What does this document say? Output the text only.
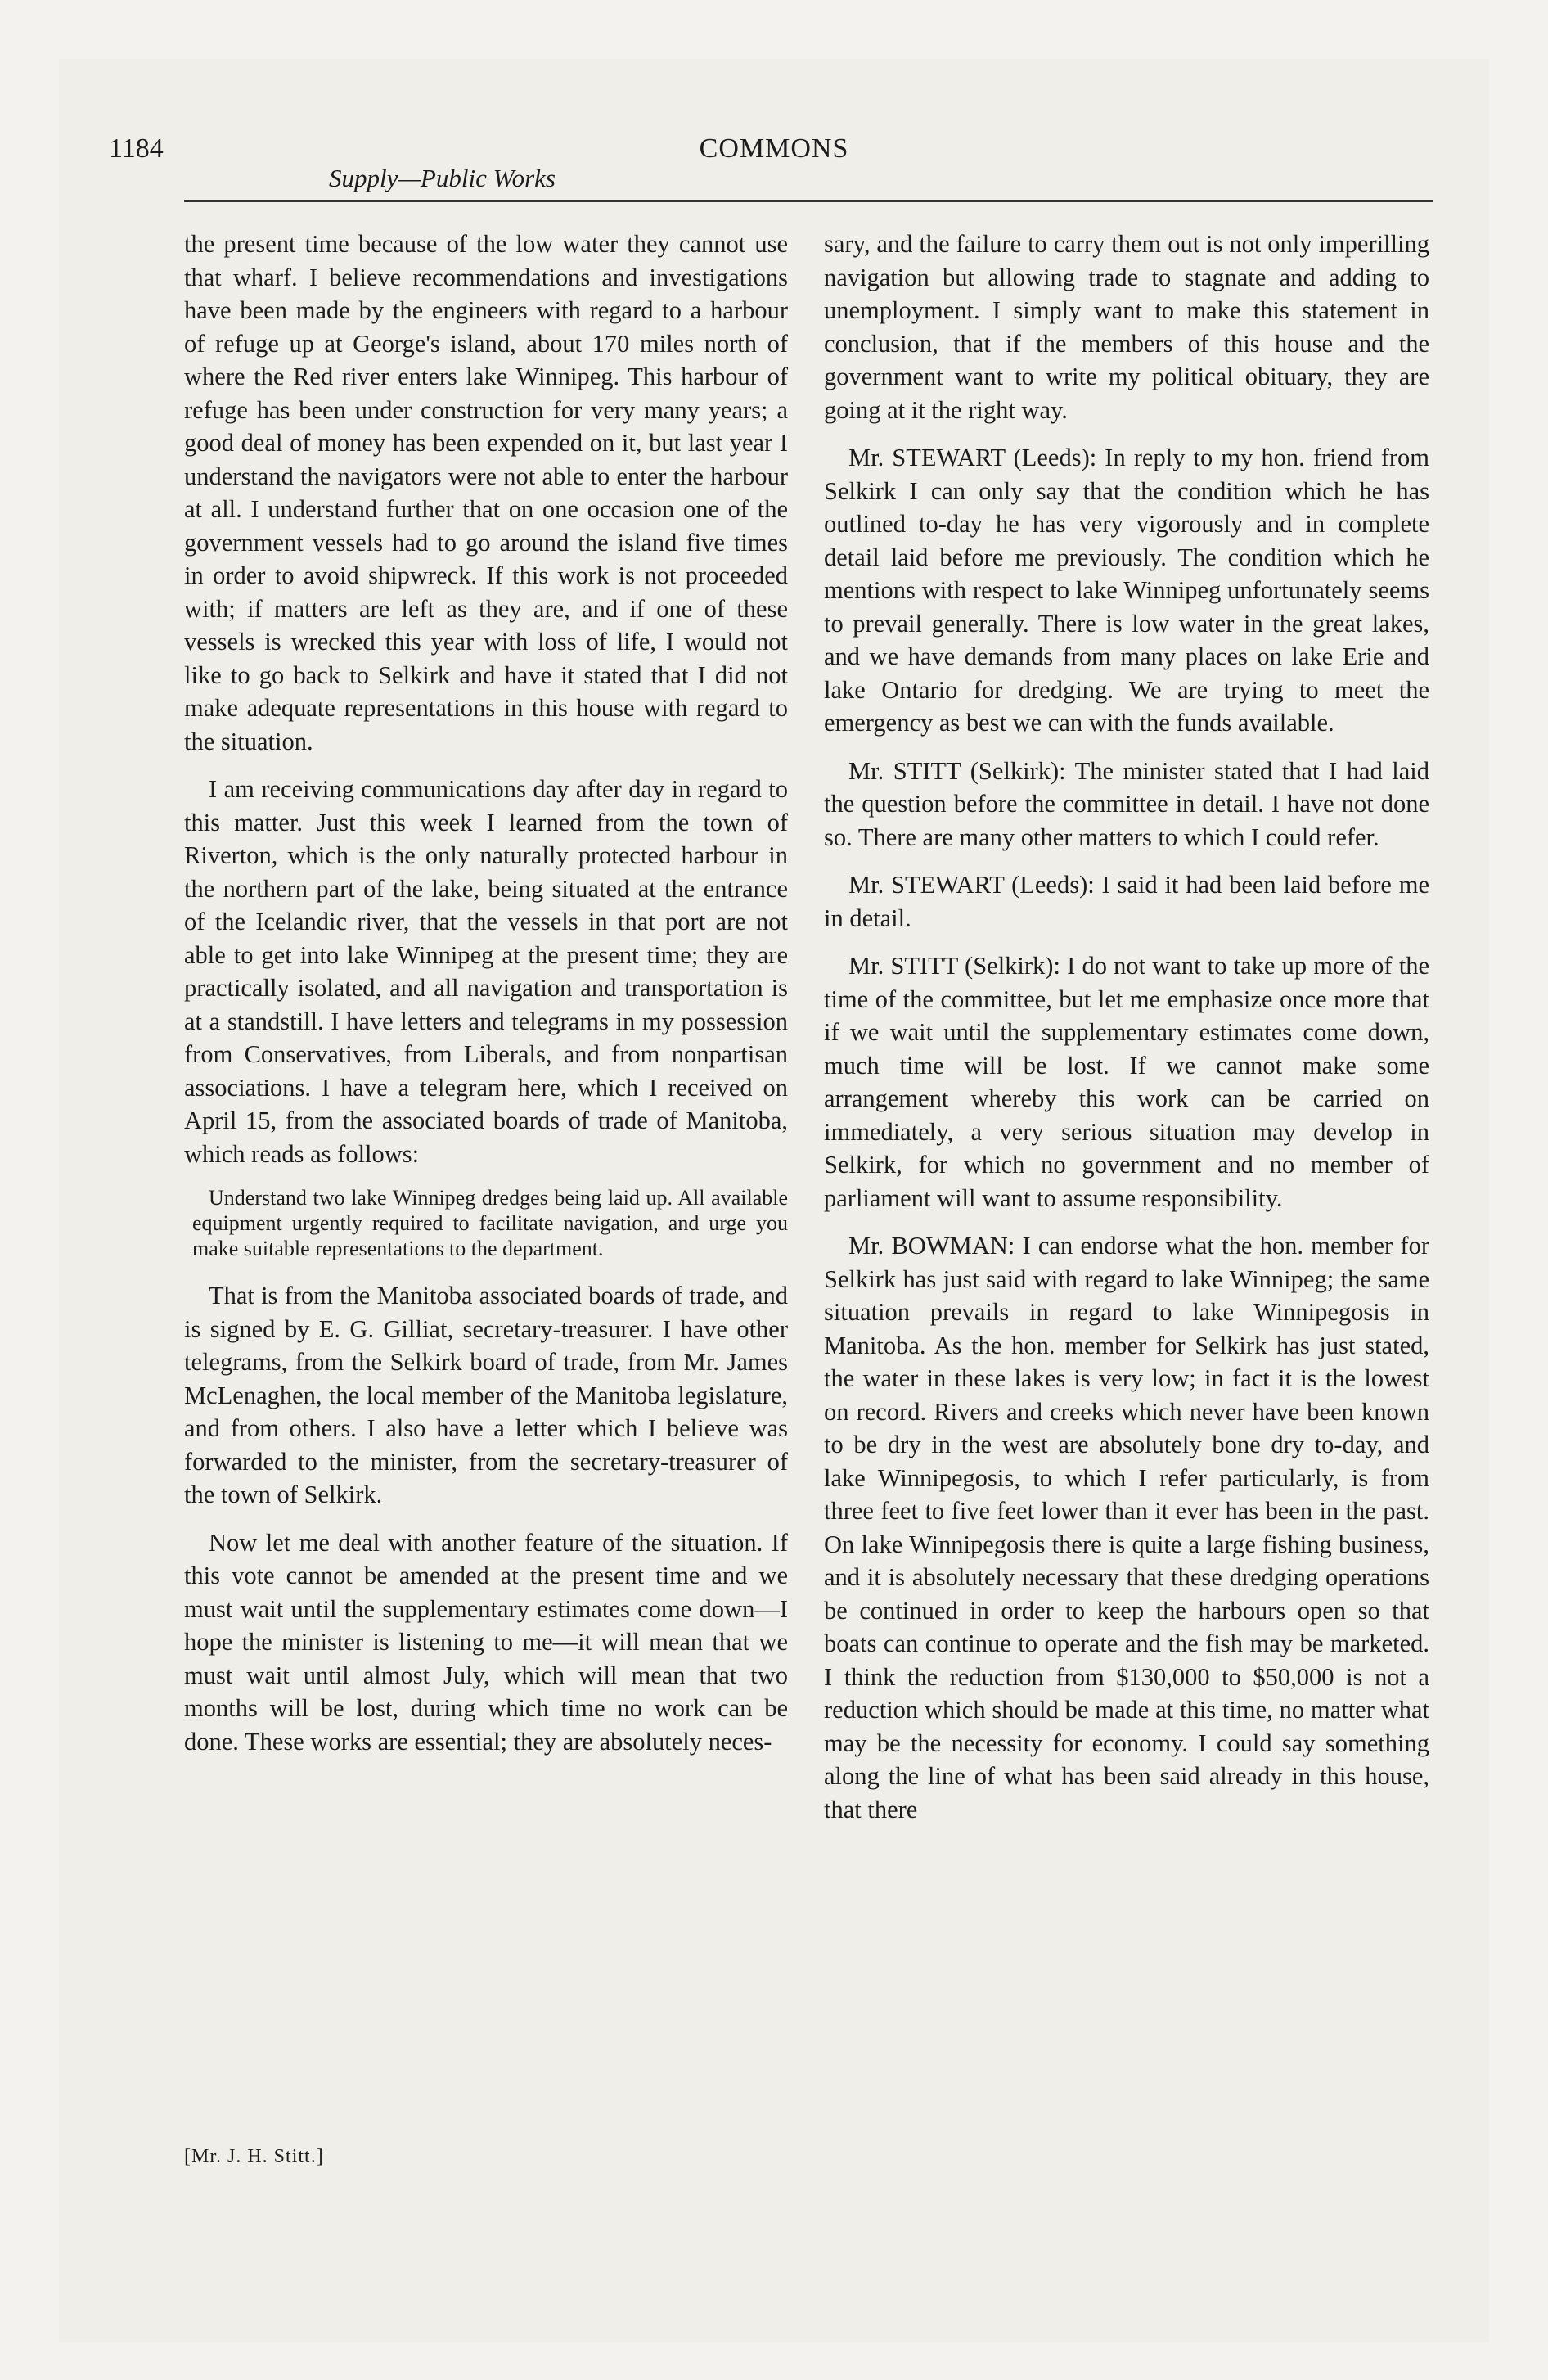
1184	COMMONS
Supply—Public Works

the present time because of the low water they cannot use that wharf. I believe recommendations and investigations have been made by the engineers with regard to a harbour of refuge up at George's island, about 170 miles north of where the Red river enters lake Winnipeg. This harbour of refuge has been under construction for very many years; a good deal of money has been expended on it, but last year I understand the navigators were not able to enter the harbour at all. I understand further that on one occasion one of the government vessels had to go around the island five times in order to avoid shipwreck. If this work is not proceeded with; if matters are left as they are, and if one of these vessels is wrecked this year with loss of life, I would not like to go back to Selkirk and have it stated that I did not make adequate representations in this house with regard to the situation.

I am receiving communications day after day in regard to this matter. Just this week I learned from the town of Riverton, which is the only naturally protected harbour in the northern part of the lake, being situated at the entrance of the Icelandic river, that the vessels in that port are not able to get into lake Winnipeg at the present time; they are practically isolated, and all navigation and transportation is at a standstill. I have letters and telegrams in my possession from Conservatives, from Liberals, and from nonpartisan associations. I have a telegram here, which I received on April 15, from the associated boards of trade of Manitoba, which reads as follows:

Understand two lake Winnipeg dredges being laid up. All available equipment urgently required to facilitate navigation, and urge you make suitable representations to the department.

That is from the Manitoba associated boards of trade, and is signed by E. G. Gilliat, secretary-treasurer. I have other telegrams, from the Selkirk board of trade, from Mr. James McLenaghen, the local member of the Manitoba legislature, and from others. I also have a letter which I believe was forwarded to the minister, from the secretary-treasurer of the town of Selkirk.

Now let me deal with another feature of the situation. If this vote cannot be amended at the present time and we must wait until the supplementary estimates come down—I hope the minister is listening to me—it will mean that we must wait until almost July, which will mean that two months will be lost, during which time no work can be done. These works are essential; they are absolutely neces-

sary, and the failure to carry them out is not only imperilling navigation but allowing trade to stagnate and adding to unemployment. I simply want to make this statement in conclusion, that if the members of this house and the government want to write my political obituary, they are going at it the right way.

Mr. STEWART (Leeds): In reply to my hon. friend from Selkirk I can only say that the condition which he has outlined to-day he has very vigorously and in complete detail laid before me previously. The condition which he mentions with respect to lake Winnipeg unfortunately seems to prevail generally. There is low water in the great lakes, and we have demands from many places on lake Erie and lake Ontario for dredging. We are trying to meet the emergency as best we can with the funds available.

Mr. STITT (Selkirk): The minister stated that I had laid the question before the committee in detail. I have not done so. There are many other matters to which I could refer.

Mr. STEWART (Leeds): I said it had been laid before me in detail.

Mr. STITT (Selkirk): I do not want to take up more of the time of the committee, but let me emphasize once more that if we wait until the supplementary estimates come down, much time will be lost. If we cannot make some arrangement whereby this work can be carried on immediately, a very serious situation may develop in Selkirk, for which no government and no member of parliament will want to assume responsibility.

Mr. BOWMAN: I can endorse what the hon. member for Selkirk has just said with regard to lake Winnipeg; the same situation prevails in regard to lake Winnipegosis in Manitoba. As the hon. member for Selkirk has just stated, the water in these lakes is very low; in fact it is the lowest on record. Rivers and creeks which never have been known to be dry in the west are absolutely bone dry to-day, and lake Winnipegosis, to which I refer particularly, is from three feet to five feet lower than it ever has been in the past. On lake Winnipegosis there is quite a large fishing business, and it is absolutely necessary that these dredging operations be continued in order to keep the harbours open so that boats can continue to operate and the fish may be marketed. I think the reduction from $130,000 to $50,000 is not a reduction which should be made at this time, no matter what may be the necessity for economy. I could say something along the line of what has been said already in this house, that there

[Mr. J. H. Stitt.]
